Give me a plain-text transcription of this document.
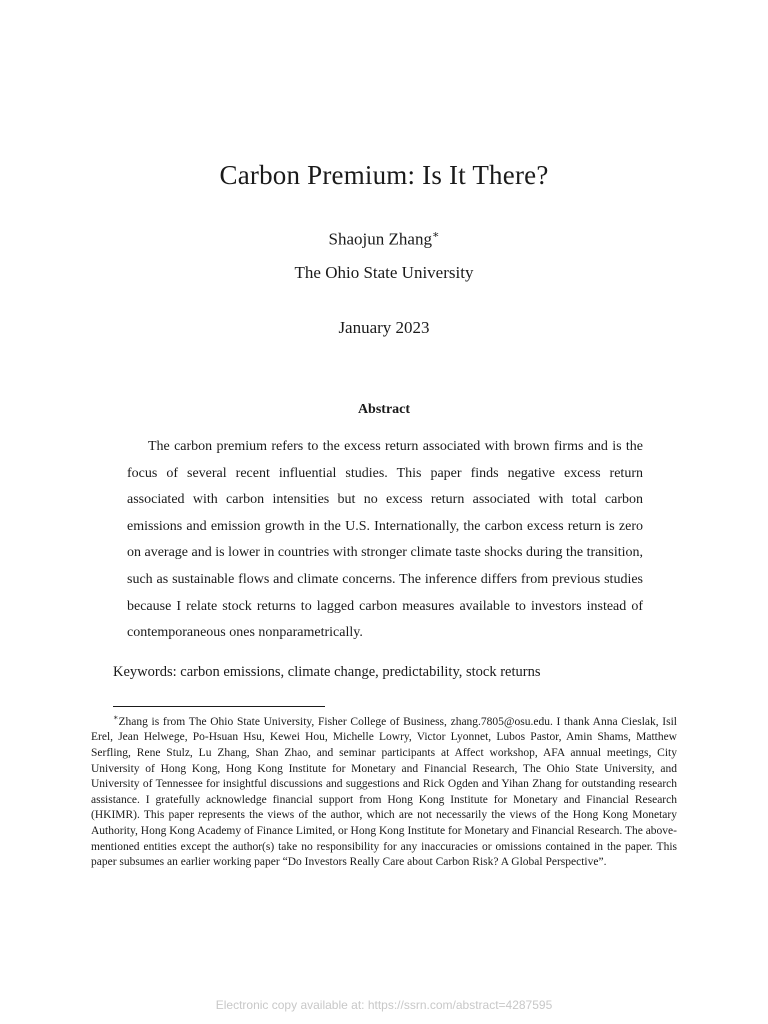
Carbon Premium: Is It There?
Shaojun Zhang∗
The Ohio State University
January 2023
Abstract

The carbon premium refers to the excess return associated with brown firms and is the focus of several recent influential studies. This paper finds negative excess return associated with carbon intensities but no excess return associated with total carbon emissions and emission growth in the U.S. Internationally, the carbon excess return is zero on average and is lower in countries with stronger climate taste shocks during the transition, such as sustainable flows and climate concerns. The inference differs from previous studies because I relate stock returns to lagged carbon measures available to investors instead of contemporaneous ones nonparametrically.

Keywords: carbon emissions, climate change, predictability, stock returns

∗Zhang is from The Ohio State University, Fisher College of Business, zhang.7805@osu.edu. I thank Anna Cieslak, Isil Erel, Jean Helwege, Po-Hsuan Hsu, Kewei Hou, Michelle Lowry, Victor Lyonnet, Lubos Pastor, Amin Shams, Matthew Serfling, Rene Stulz, Lu Zhang, Shan Zhao, and seminar participants at Affect workshop, AFA annual meetings, City University of Hong Kong, Hong Kong Institute for Monetary and Financial Research, The Ohio State University, and University of Tennessee for insightful discussions and suggestions and Rick Ogden and Yihan Zhang for outstanding research assistance. I gratefully acknowledge financial support from Hong Kong Institute for Monetary and Financial Research (HKIMR). This paper represents the views of the author, which are not necessarily the views of the Hong Kong Monetary Authority, Hong Kong Academy of Finance Limited, or Hong Kong Institute for Monetary and Financial Research. The above-mentioned entities except the author(s) take no responsibility for any inaccuracies or omissions contained in the paper. This paper subsumes an earlier working paper “Do Investors Really Care about Carbon Risk? A Global Perspective”.

Electronic copy available at: https://ssrn.com/abstract=4287595
